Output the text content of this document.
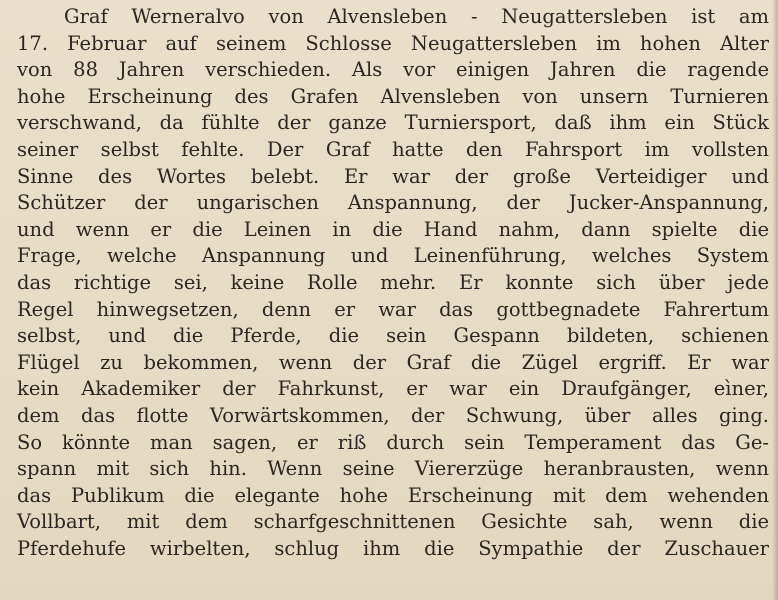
Graf Werneralvo von Alvensleben - Neugattersleben ist am
17. Februar auf seinem Schlosse Neugattersleben im hohen Alter
von 88 Jahren verschieden. Als vor einigen Jahren die ragende
hohe Erscheinung des Grafen Alvensleben von unsern Turnieren
verschwand, da fühlte der ganze Turniersport, daß ihm ein Stück
seiner selbst fehlte. Der Graf hatte den Fahrsport im vollsten
Sinne des Wortes belebt. Er war der große Verteidiger und
Schützer der ungarischen Anspannung, der Jucker-Anspannung,
und wenn er die Leinen in die Hand nahm, dann spielte die
Frage, welche Anspannung und Leinenführung, welches System
das richtige sei, keine Rolle mehr. Er konnte sich über jede
Regel hinwegsetzen, denn er war das gottbegnadete Fahrertum
selbst, und die Pferde, die sein Gespann bildeten, schienen
Flügel zu bekommen, wenn der Graf die Zügel ergriff. Er war
kein Akademiker der Fahrkunst, er war ein Draufgänger, eìner,
dem das flotte Vorwärtskommen, der Schwung, über alles ging.
So könnte man sagen, er riß durch sein Temperament das Ge-
spann mit sich hin. Wenn seine Viererzüge heranbrausten, wenn
das Publikum die elegante hohe Erscheinung mit dem wehenden
Vollbart, mit dem scharfgeschnittenen Gesichte sah, wenn die
Pferdehufe wirbelten, schlug ihm die Sympathie der Zuschauer
